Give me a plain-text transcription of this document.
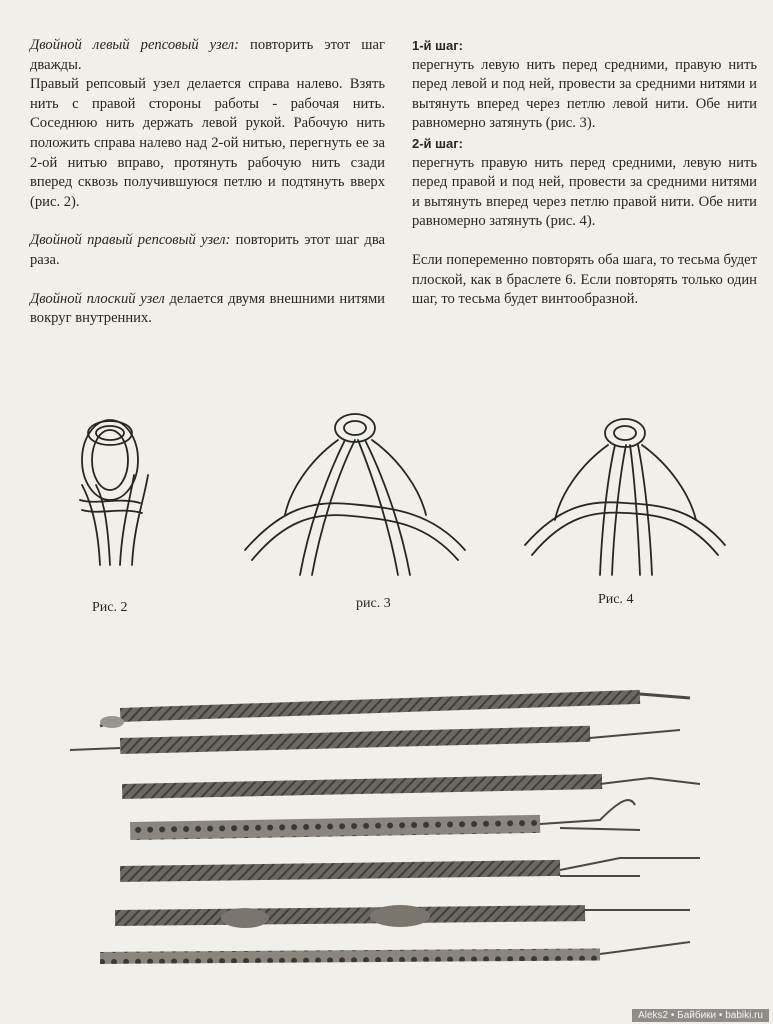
Двойной левый репсовый узел: повторить этот шаг дважды.

Правый репсовый узел делается справа налево. Взять нить с правой стороны работы - рабочая нить. Соседнюю нить держать левой рукой. Рабочую нить положить справа налево над 2-ой нитью, перегнуть ее за 2-ой нитью вправо, протянуть рабочую нить сзади вперед сквозь получившуюся петлю и подтянуть вверх (рис. 2).

Двойной правый репсовый узел: повторить этот шаг два раза.

Двойной плоский узел делается двумя внешними нитями вокруг внутренних.

1-й шаг:

перегнуть левую нить перед средними, правую нить перед левой и под ней, провести за средними нитями и вытянуть вперед через петлю левой нити. Обе нити равномерно затянуть (рис. 3).

2-й шаг:

перегнуть правую нить перед средними, левую нить перед правой и под ней, провести за средними нитями и вытянуть вперед через петлю правой нити. Обе нити равномерно затянуть (рис. 4).

Если попеременно повторять оба шага, то тесьма будет плоской, как в браслете 6. Если повторять только один шаг, то тесьма будет винтообразной.

Рис. 2	рис. 3	Рис. 4
Aleks2 • Байбики • babiki.ru
